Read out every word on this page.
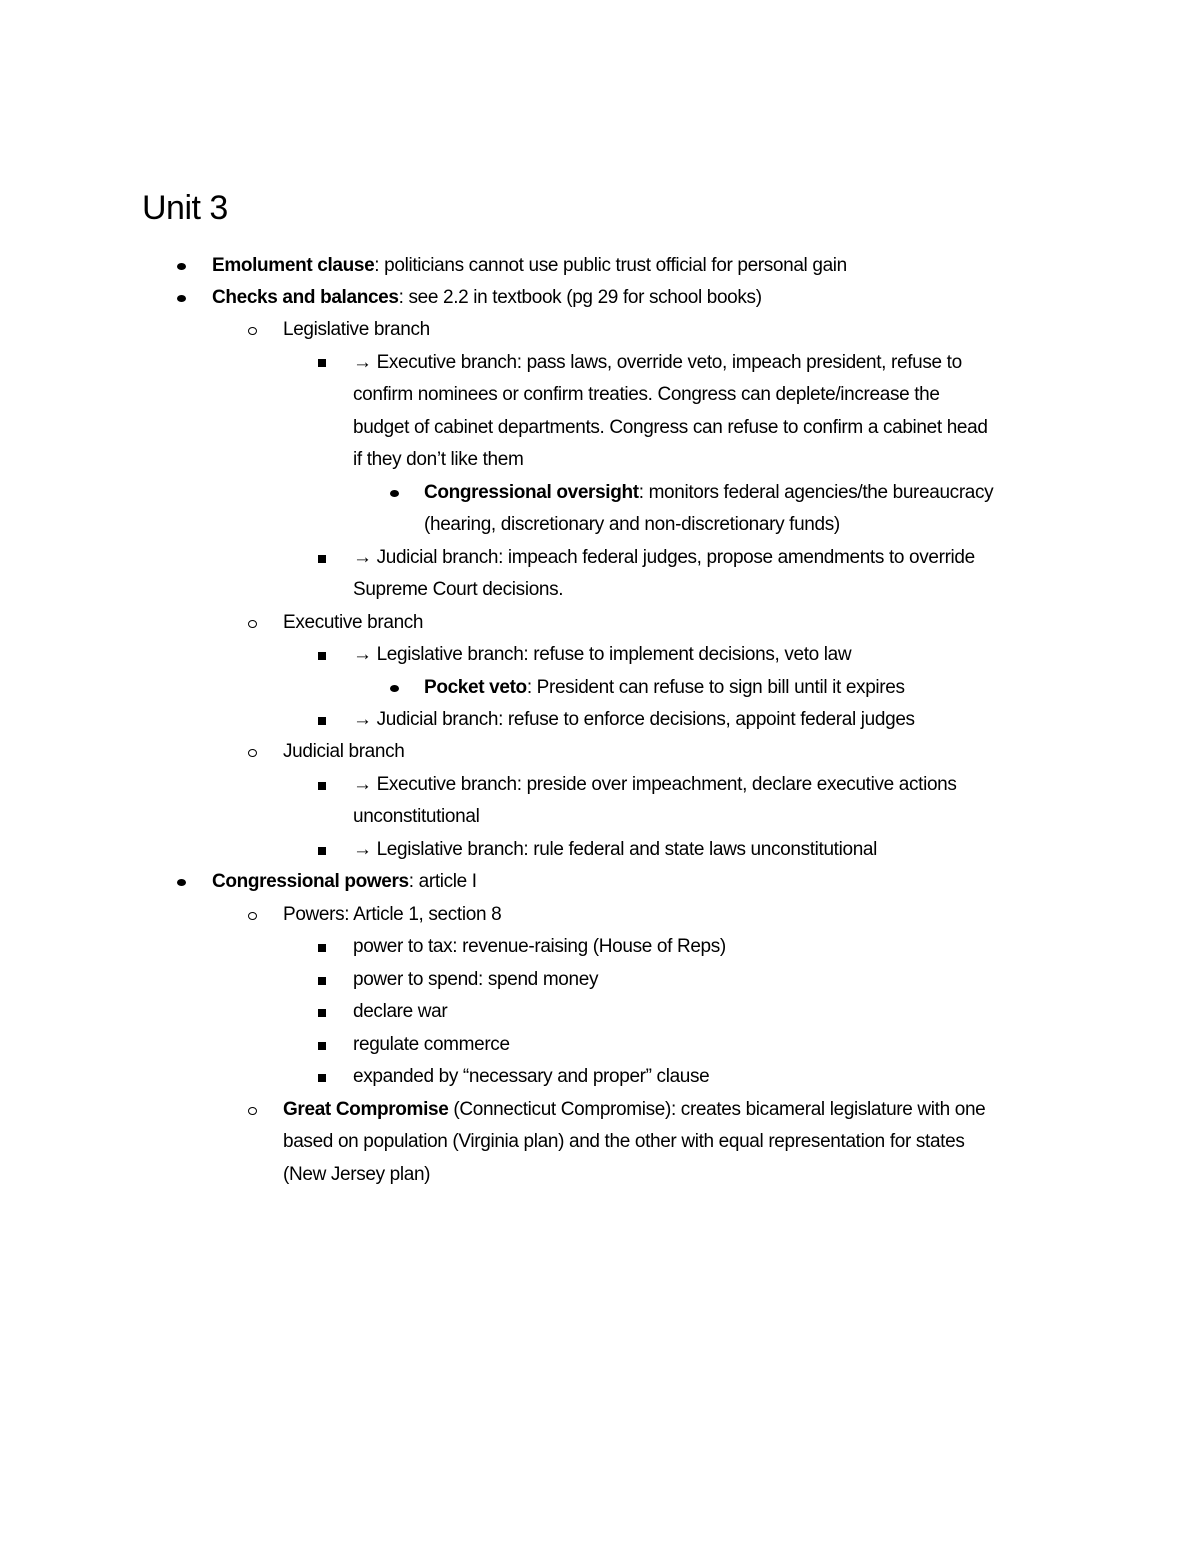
Unit 3
Emolument clause: politicians cannot use public trust official for personal gain
Checks and balances: see 2.2 in textbook (pg 29 for school books)
Legislative branch
→ Executive branch: pass laws, override veto, impeach president, refuse to
confirm nominees or confirm treaties. Congress can deplete/increase the
budget of cabinet departments. Congress can refuse to confirm a cabinet head
if they don’t like them
Congressional oversight: monitors federal agencies/the bureaucracy
(hearing, discretionary and non-discretionary funds)
→ Judicial branch: impeach federal judges, propose amendments to override
Supreme Court decisions.
Executive branch
→ Legislative branch: refuse to implement decisions, veto law
Pocket veto: President can refuse to sign bill until it expires
→ Judicial branch: refuse to enforce decisions, appoint federal judges
Judicial branch
→ Executive branch: preside over impeachment, declare executive actions
unconstitutional
→ Legislative branch: rule federal and state laws unconstitutional
Congressional powers: article I
Powers: Article 1, section 8
power to tax: revenue-raising (House of Reps)
power to spend: spend money
declare war
regulate commerce
expanded by “necessary and proper” clause
Great Compromise (Connecticut Compromise): creates bicameral legislature with one
based on population (Virginia plan) and the other with equal representation for states
(New Jersey plan)
